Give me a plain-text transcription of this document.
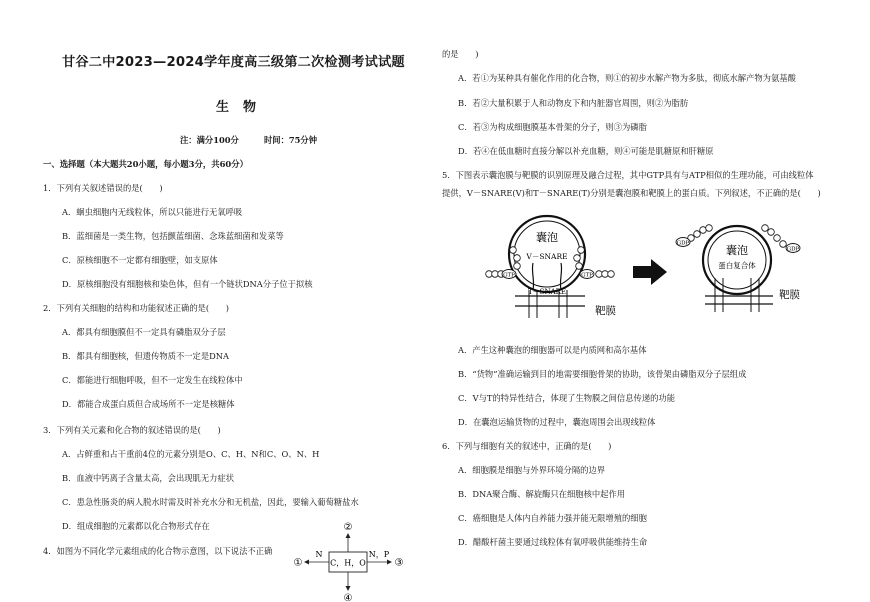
甘谷二中2023—2024学年度高三级第二次检测考试试题
生物
注：满分100分	时间：75分钟
一、选择题（本大题共20小题，每小题3分，共60分）
1．下列有关叙述错误的是(　　)
A．蛔虫细胞内无线粒体，所以只能进行无氧呼吸
B．蓝细菌是一类生物，包括颤蓝细菌、念珠蓝细菌和发菜等
C．原核细胞不一定都有细胞壁，如支原体
D．原核细胞没有细胞核和染色体，但有一个链状DNA分子位于拟核
2．下列有关细胞的结构和功能叙述正确的是(　　)
A．都具有细胞膜但不一定具有磷脂双分子层
B．都具有细胞核，但遗传物质不一定是DNA
C．都能进行细胞呼吸，但不一定发生在线粒体中
D．都能合成蛋白质但合成场所不一定是核糖体
3．下列有关元素和化合物的叙述错误的是(　　)
A．占鲜重和占干重前4位的元素分别是O、C、H、N和C、O、N、H
B．血液中钙离子含量太高，会出现肌无力症状
C．患急性肠炎的病人脱水时需及时补充水分和无机盐，因此，要输入葡萄糖盐水
D．组成细胞的元素都以化合物形式存在
4．如图为不同化学元素组成的化合物示意图，以下说法不正确
②
C，H，O
N
①
N，P
③
④
的是　　)
A．若①为某种具有催化作用的化合物，则①的初步水解产物为多肽，彻底水解产物为氨基酸
B．若②大量积累于人和动物皮下和内脏器官周围，则②为脂肪
C．若③为构成细胞膜基本骨架的分子，则③为磷脂
D．若④在低血糖时直接分解以补充血糖，则④可能是肌糖原和肝糖原
5．下图表示囊泡膜与靶膜的识别原理及融合过程，其中GTP具有与ATP相似的生理功能，可由线粒体
提供，V－SNARE(V)和T－SNARE(T)分别是囊泡膜和靶膜上的蛋白质。下列叙述，不正确的是(　　)
囊泡
V－SNARE
GTP	GTP
T－SNARE
靶膜
囊泡
蛋白复合体
GDP
GDP
靶膜
A．产生这种囊泡的细胞器可以是内质网和高尔基体
B．“货物”准确运输到目的地需要细胞骨架的协助，该骨架由磷脂双分子层组成
C．V与T的特异性结合，体现了生物膜之间信息传递的功能
D．在囊泡运输货物的过程中，囊泡周围会出现线粒体
6．下列与细胞有关的叙述中，正确的是(　　)
A．细胞膜是细胞与外界环境分隔的边界
B．DNA聚合酶、解旋酶只在细胞核中起作用
C．癌细胞是人体内自养能力强并能无限增殖的细胞
D．醋酸杆菌主要通过线粒体有氧呼吸供能维持生命
